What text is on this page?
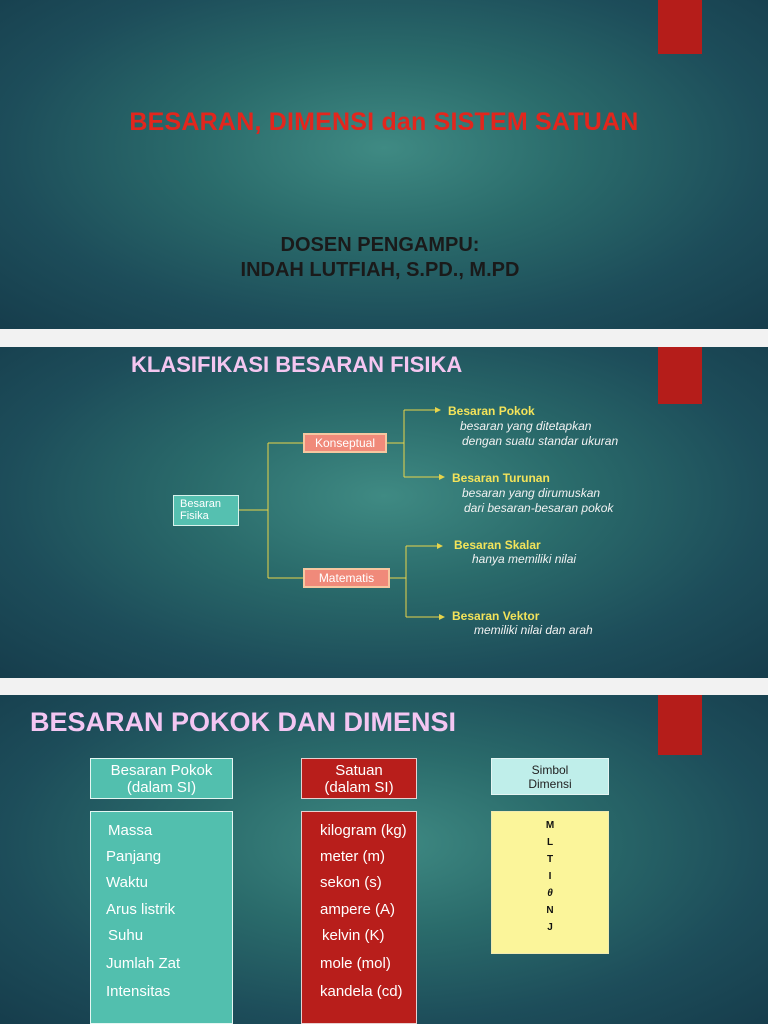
BESARAN, DIMENSI dan SISTEM SATUAN
DOSEN PENGAMPU:
INDAH LUTFIAH, S.PD., M.PD
KLASIFIKASI BESARAN FISIKA
Besaran
Fisika
Konseptual
Matematis
Besaran Pokok
besaran yang ditetapkan
dengan suatu standar ukuran
Besaran Turunan
besaran yang dirumuskan
dari besaran-besaran pokok
Besaran Skalar
hanya memiliki nilai
Besaran Vektor
memiliki nilai dan arah
BESARAN POKOK DAN DIMENSI
Besaran Pokok
(dalam SI)
Satuan
(dalam SI)
Simbol
Dimensi
Massa
Panjang
Waktu
Arus listrik
Suhu
Jumlah Zat
Intensitas
kilogram (kg)
meter (m)
sekon (s)
ampere (A)
kelvin (K)
mole (mol)
kandela (cd)
M
L
T
I
θ
N
J
